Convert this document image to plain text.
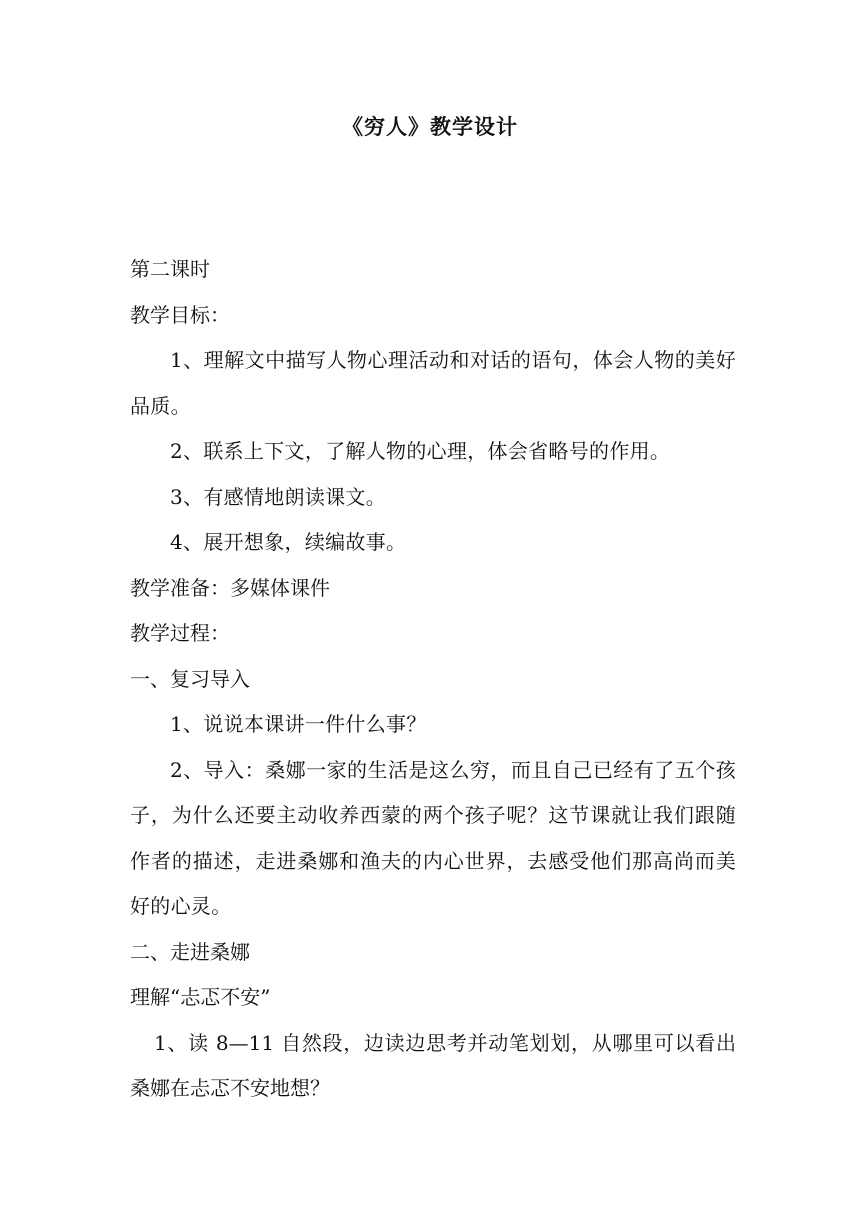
《穷人》教学设计

第二课时

教学目标：

1、理解文中描写人物心理活动和对话的语句，体会人物的美好品质。

2、联系上下文，了解人物的心理，体会省略号的作用。

3、有感情地朗读课文。

4、展开想象，续编故事。

教学准备：多媒体课件

教学过程：

一、复习导入

1、说说本课讲一件什么事？

2、导入：桑娜一家的生活是这么穷，而且自己已经有了五个孩子，为什么还要主动收养西蒙的两个孩子呢？这节课就让我们跟随作者的描述，走进桑娜和渔夫的内心世界，去感受他们那高尚而美好的心灵。

二、走进桑娜

理解“忐忑不安”

1、读 8—11 自然段，边读边思考并动笔划划，从哪里可以看出桑娜在忐忑不安地想？
